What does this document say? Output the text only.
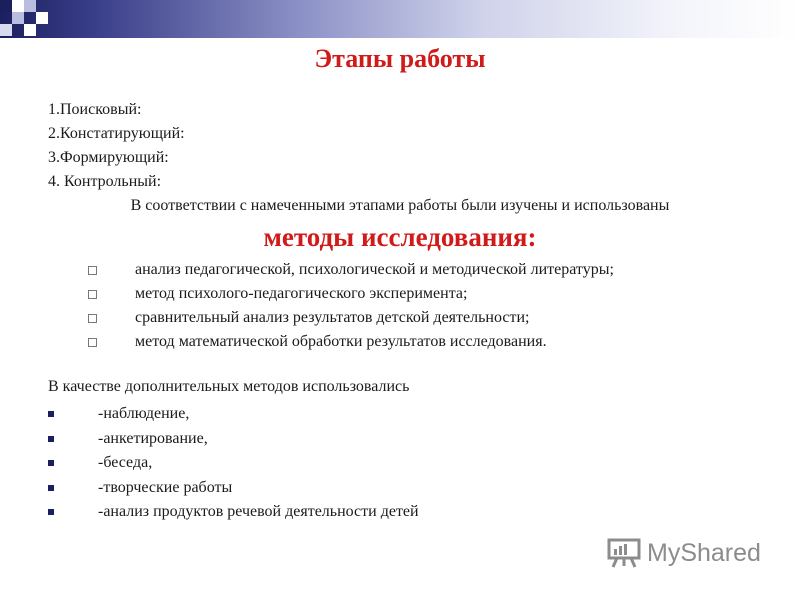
Этапы работы
1.Поисковый:
2.Констатирующий:
3.Формирующий:
4. Контрольный:
В соответствии с намеченными этапами работы были изучены и использованы
методы исследования:
анализ педагогической, психологической и методической литературы;
метод психолого-педагогического эксперимента;
сравнительный анализ результатов детской деятельности;
метод математической обработки результатов исследования.
В качестве дополнительных методов использовались
-наблюдение,
-анкетирование,
-беседа,
-творческие работы
-анализ продуктов речевой деятельности детей
MyShared
